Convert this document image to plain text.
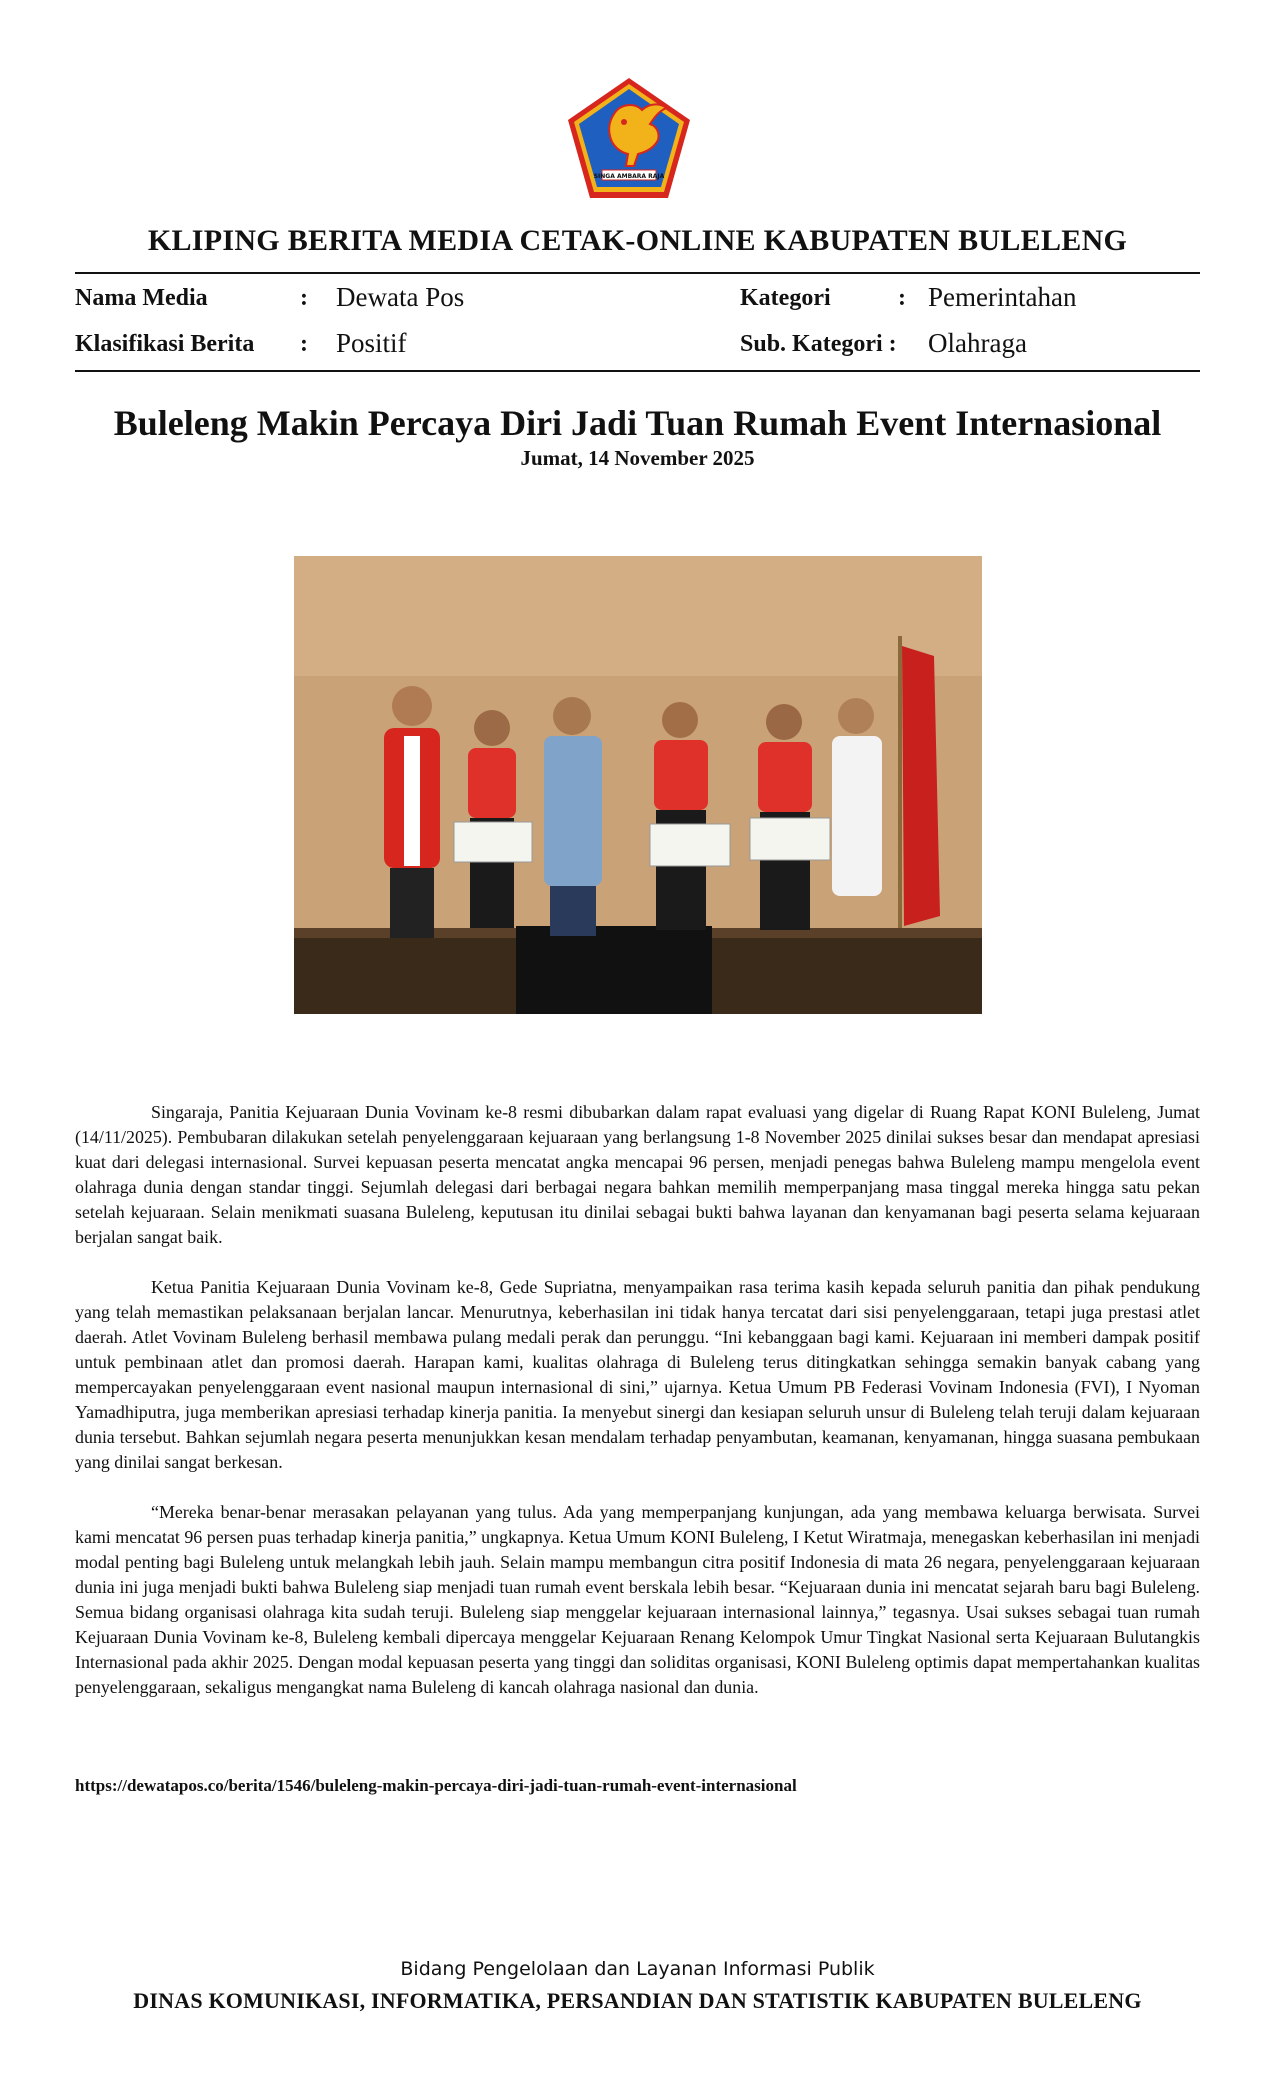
SINGA AMBARA RAJA
KLIPING BERITA MEDIA CETAK-ONLINE KABUPATEN BULELENG
Nama Media	: Dewata Pos	Kategori	: Pemerintahan
Klasifikasi Berita : Positif	Sub. Kategori : Olahraga
Buleleng Makin Percaya Diri Jadi Tuan Rumah Event Internasional
Jumat, 14 November 2025

Singaraja, Panitia Kejuaraan Dunia Vovinam ke-8 resmi dibubarkan dalam rapat evaluasi yang digelar di Ruang Rapat KONI Buleleng, Jumat (14/11/2025). Pembubaran dilakukan setelah penyelenggaraan kejuaraan yang berlangsung 1-8 November 2025 dinilai sukses besar dan mendapat apresiasi kuat dari delegasi internasional. Survei kepuasan peserta mencatat angka mencapai 96 persen, menjadi penegas bahwa Buleleng mampu mengelola event olahraga dunia dengan standar tinggi. Sejumlah delegasi dari berbagai negara bahkan memilih memperpanjang masa tinggal mereka hingga satu pekan setelah kejuaraan. Selain menikmati suasana Buleleng, keputusan itu dinilai sebagai bukti bahwa layanan dan kenyamanan bagi peserta selama kejuaraan berjalan sangat baik.

Ketua Panitia Kejuaraan Dunia Vovinam ke-8, Gede Supriatna, menyampaikan rasa terima kasih kepada seluruh panitia dan pihak pendukung yang telah memastikan pelaksanaan berjalan lancar. Menurutnya, keberhasilan ini tidak hanya tercatat dari sisi penyelenggaraan, tetapi juga prestasi atlet daerah. Atlet Vovinam Buleleng berhasil membawa pulang medali perak dan perunggu. “Ini kebanggaan bagi kami. Kejuaraan ini memberi dampak positif untuk pembinaan atlet dan promosi daerah. Harapan kami, kualitas olahraga di Buleleng terus ditingkatkan sehingga semakin banyak cabang yang mempercayakan penyelenggaraan event nasional maupun internasional di sini,” ujarnya. Ketua Umum PB Federasi Vovinam Indonesia (FVI), I Nyoman Yamadhiputra, juga memberikan apresiasi terhadap kinerja panitia. Ia menyebut sinergi dan kesiapan seluruh unsur di Buleleng telah teruji dalam kejuaraan dunia tersebut. Bahkan sejumlah negara peserta menunjukkan kesan mendalam terhadap penyambutan, keamanan, kenyamanan, hingga suasana pembukaan yang dinilai sangat berkesan.

“Mereka benar-benar merasakan pelayanan yang tulus. Ada yang memperpanjang kunjungan, ada yang membawa keluarga berwisata. Survei kami mencatat 96 persen puas terhadap kinerja panitia,” ungkapnya. Ketua Umum KONI Buleleng, I Ketut Wiratmaja, menegaskan keberhasilan ini menjadi modal penting bagi Buleleng untuk melangkah lebih jauh. Selain mampu membangun citra positif Indonesia di mata 26 negara, penyelenggaraan kejuaraan dunia ini juga menjadi bukti bahwa Buleleng siap menjadi tuan rumah event berskala lebih besar. “Kejuaraan dunia ini mencatat sejarah baru bagi Buleleng. Semua bidang organisasi olahraga kita sudah teruji. Buleleng siap menggelar kejuaraan internasional lainnya,” tegasnya. Usai sukses sebagai tuan rumah Kejuaraan Dunia Vovinam ke-8, Buleleng kembali dipercaya menggelar Kejuaraan Renang Kelompok Umur Tingkat Nasional serta Kejuaraan Bulutangkis Internasional pada akhir 2025. Dengan modal kepuasan peserta yang tinggi dan soliditas organisasi, KONI Buleleng optimis dapat mempertahankan kualitas penyelenggaraan, sekaligus mengangkat nama Buleleng di kancah olahraga nasional dan dunia.

https://dewatapos.co/berita/1546/buleleng-makin-percaya-diri-jadi-tuan-rumah-event-internasional
Bidang Pengelolaan dan Layanan Informasi Publik
DINAS KOMUNIKASI, INFORMATIKA, PERSANDIAN DAN STATISTIK KABUPATEN BULELENG
